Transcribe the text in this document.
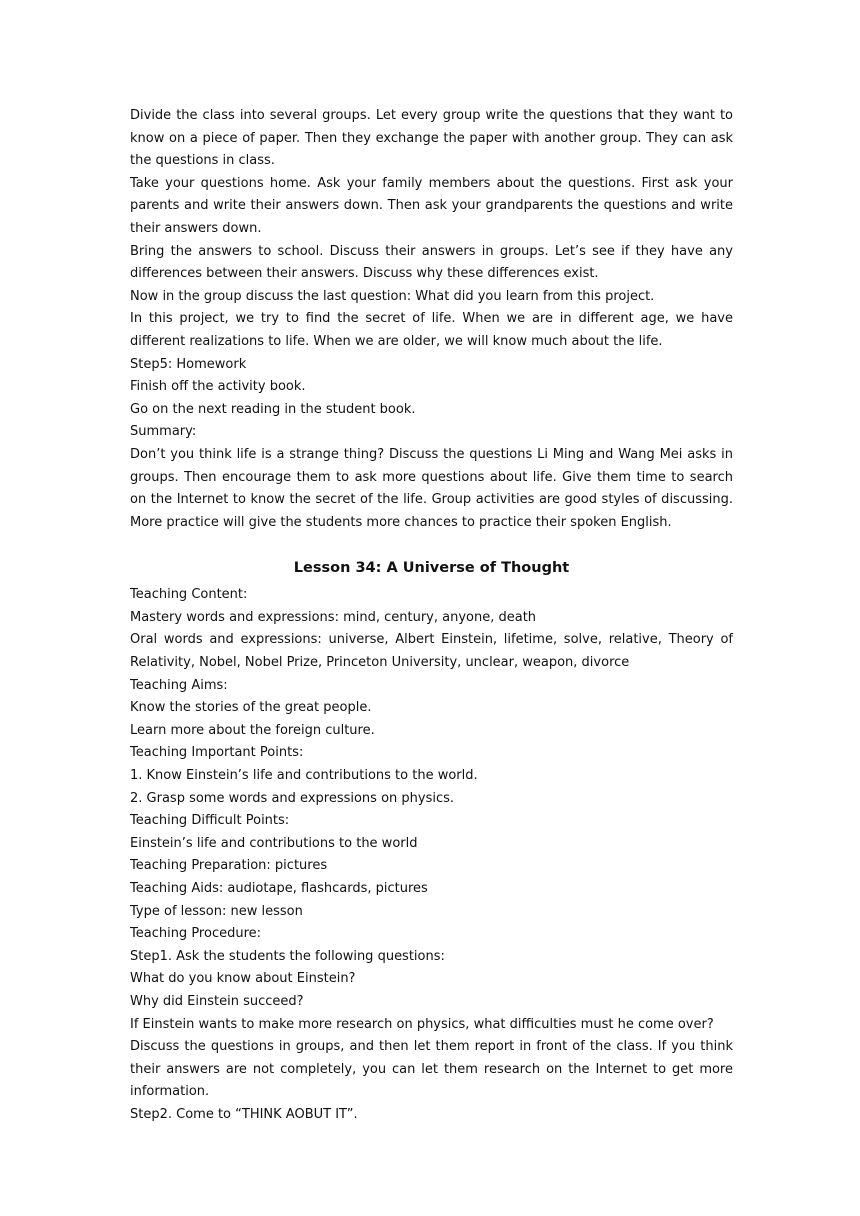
Divide the class into several groups. Let every group write the questions that they want to know on a piece of paper. Then they exchange the paper with another group. They can ask the questions in class.

Take your questions home. Ask your family members about the questions. First ask your parents and write their answers down. Then ask your grandparents the questions and write their answers down.

Bring the answers to school. Discuss their answers in groups. Let’s see if they have any differences between their answers. Discuss why these differences exist.

Now in the group discuss the last question: What did you learn from this project.

In this project, we try to find the secret of life. When we are in different age, we have different realizations to life. When we are older, we will know much about the life.

Step5: Homework

Finish off the activity book.

Go on the next reading in the student book.

Summary:

Don’t you think life is a strange thing? Discuss the questions Li Ming and Wang Mei asks in groups. Then encourage them to ask more questions about life. Give them time to search on the Internet to know the secret of the life. Group activities are good styles of discussing. More practice will give the students more chances to practice their spoken English.

Lesson 34: A Universe of Thought

Teaching Content:

Mastery words and expressions: mind, century, anyone, death

Oral words and expressions: universe, Albert Einstein, lifetime, solve, relative, Theory of Relativity, Nobel, Nobel Prize, Princeton University, unclear, weapon, divorce

Teaching Aims:

Know the stories of the great people.

Learn more about the foreign culture.

Teaching Important Points:

1. Know Einstein’s life and contributions to the world.

2. Grasp some words and expressions on physics.

Teaching Difficult Points:

Einstein’s life and contributions to the world

Teaching Preparation: pictures

Teaching Aids: audiotape, flashcards, pictures

Type of lesson: new lesson

Teaching Procedure:

Step1. Ask the students the following questions:

What do you know about Einstein?

Why did Einstein succeed?

If Einstein wants to make more research on physics, what difficulties must he come over?

Discuss the questions in groups, and then let them report in front of the class. If you think their answers are not completely, you can let them research on the Internet to get more information.

Step2. Come to “THINK AOBUT IT”.
